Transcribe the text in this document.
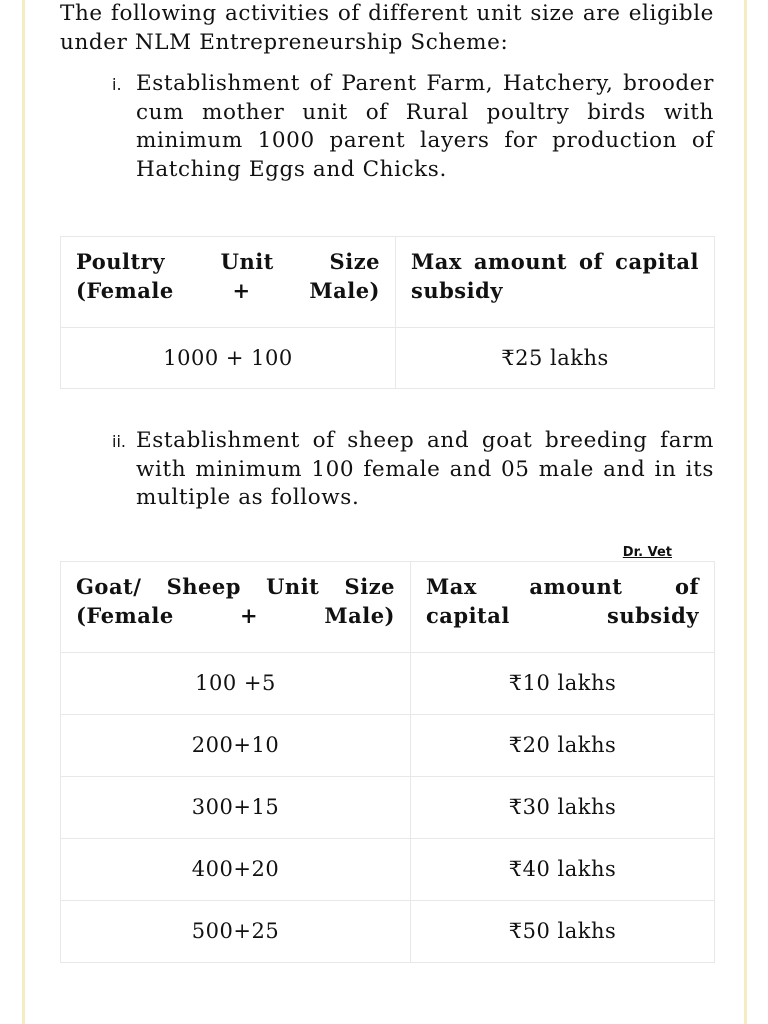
The following activities of different unit size are eligible under NLM Entrepreneurship Scheme:

i. Establishment of Parent Farm, Hatchery, brooder cum mother unit of Rural poultry birds with minimum 1000 parent layers for production of Hatching Eggs and Chicks.
Poultry Unit Size (Female + Male)	Max amount of capital subsidy
1000 + 100	₹25 lakhs
ii. Establishment of sheep and goat breeding farm with minimum 100 female and 05 male and in its multiple as follows.
Dr. Vet
Goat/ Sheep Unit Size (Female + Male)	Max amount of capital subsidy
100 +5	₹10 lakhs
200+10	₹20 lakhs
300+15	₹30 lakhs
400+20	₹40 lakhs
500+25	₹50 lakhs
